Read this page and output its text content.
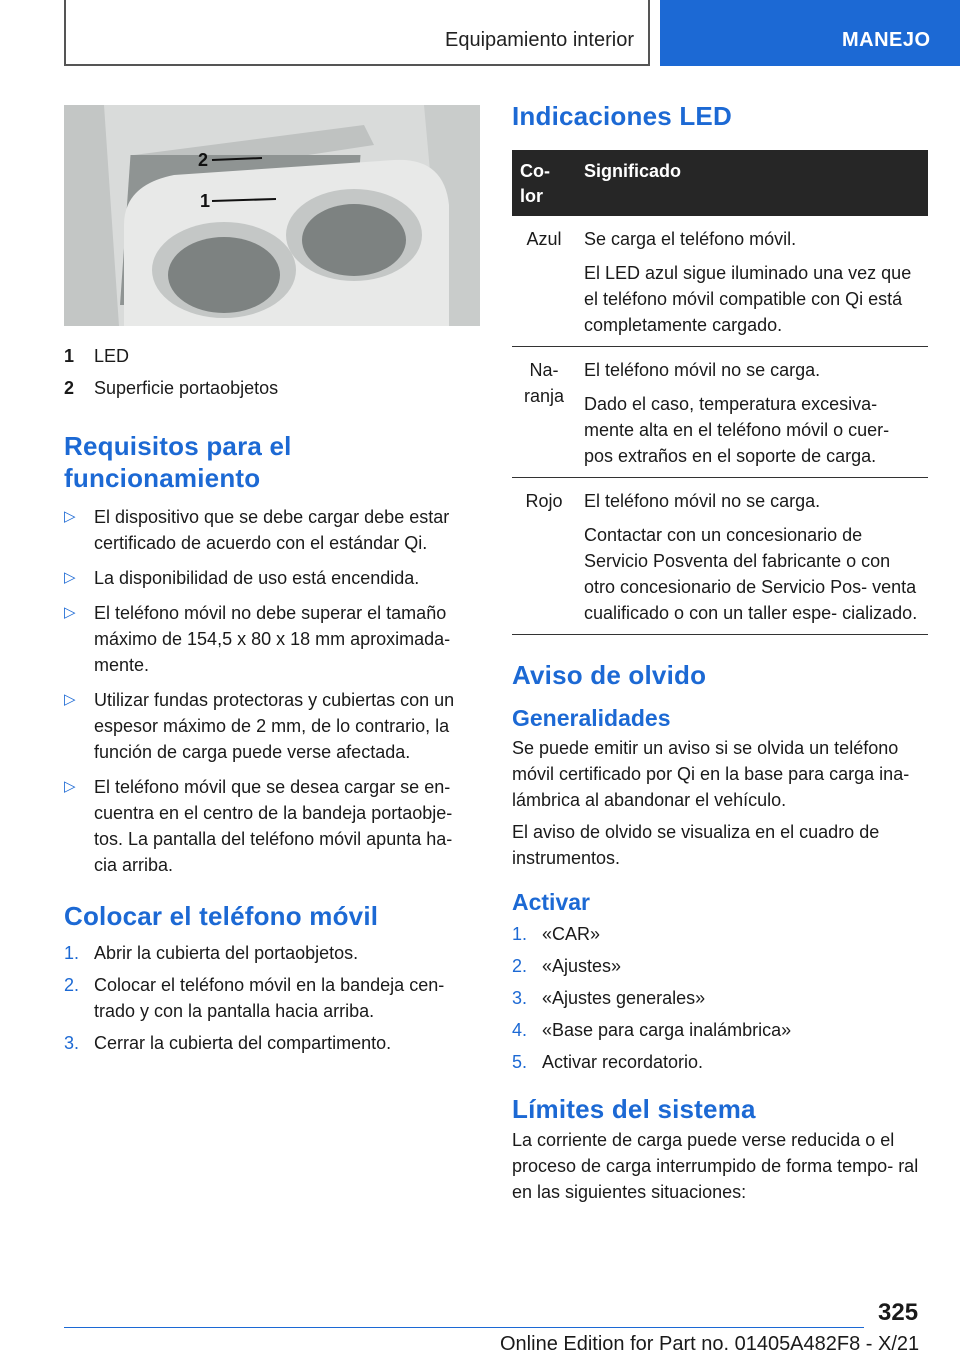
Equipamiento interior	MANEJO
2
1
1	LED
2	Superficie portaobjetos
Requisitos para el funcionamiento
▷ El dispositivo que se debe cargar debe estar certificado de acuerdo con el estándar Qi.
▷ La disponibilidad de uso está encendida.
▷ El teléfono móvil no debe superar el tamaño máximo de 154,5 x 80 x 18 mm aproximada‐ mente.
▷ Utilizar fundas protectoras y cubiertas con un espesor máximo de 2 mm, de lo contrario, la función de carga puede verse afectada.
▷ El teléfono móvil que se desea cargar se en‐ cuentra en el centro de la bandeja portaobje‐ tos. La pantalla del teléfono móvil apunta ha‐ cia arriba.
Colocar el teléfono móvil
1. Abrir la cubierta del portaobjetos.
2. Colocar el teléfono móvil en la bandeja cen‐ trado y con la pantalla hacia arriba.
3. Cerrar la cubierta del compartimento.
Indicaciones LED
Co‐ lor	Significado
Azul	Se carga el teléfono móvil.

El LED azul sigue iluminado una vez que el teléfono móvil compatible con Qi está completamente cargado.

Na‐ ranja	El teléfono móvil no se carga.

Dado el caso, temperatura excesiva‐ mente alta en el teléfono móvil o cuer‐ pos extraños en el soporte de carga.

Rojo	El teléfono móvil no se carga.

Contactar con un concesionario de Servicio Posventa del fabricante o con otro concesionario de Servicio Pos‐ venta cualificado o con un taller espe‐ cializado.

Aviso de olvido
Generalidades

Se puede emitir un aviso si se olvida un teléfono móvil certificado por Qi en la base para carga ina‐ lámbrica al abandonar el vehículo.

El aviso de olvido se visualiza en el cuadro de instrumentos.

Activar
1. «CAR»
2. «Ajustes»
3. «Ajustes generales»
4. «Base para carga inalámbrica»
5. Activar recordatorio.
Límites del sistema

La corriente de carga puede verse reducida o el proceso de carga interrumpido de forma tempo‐ ral en las siguientes situaciones:

325
Online Edition for Part no. 01405A482F8 - X/21
